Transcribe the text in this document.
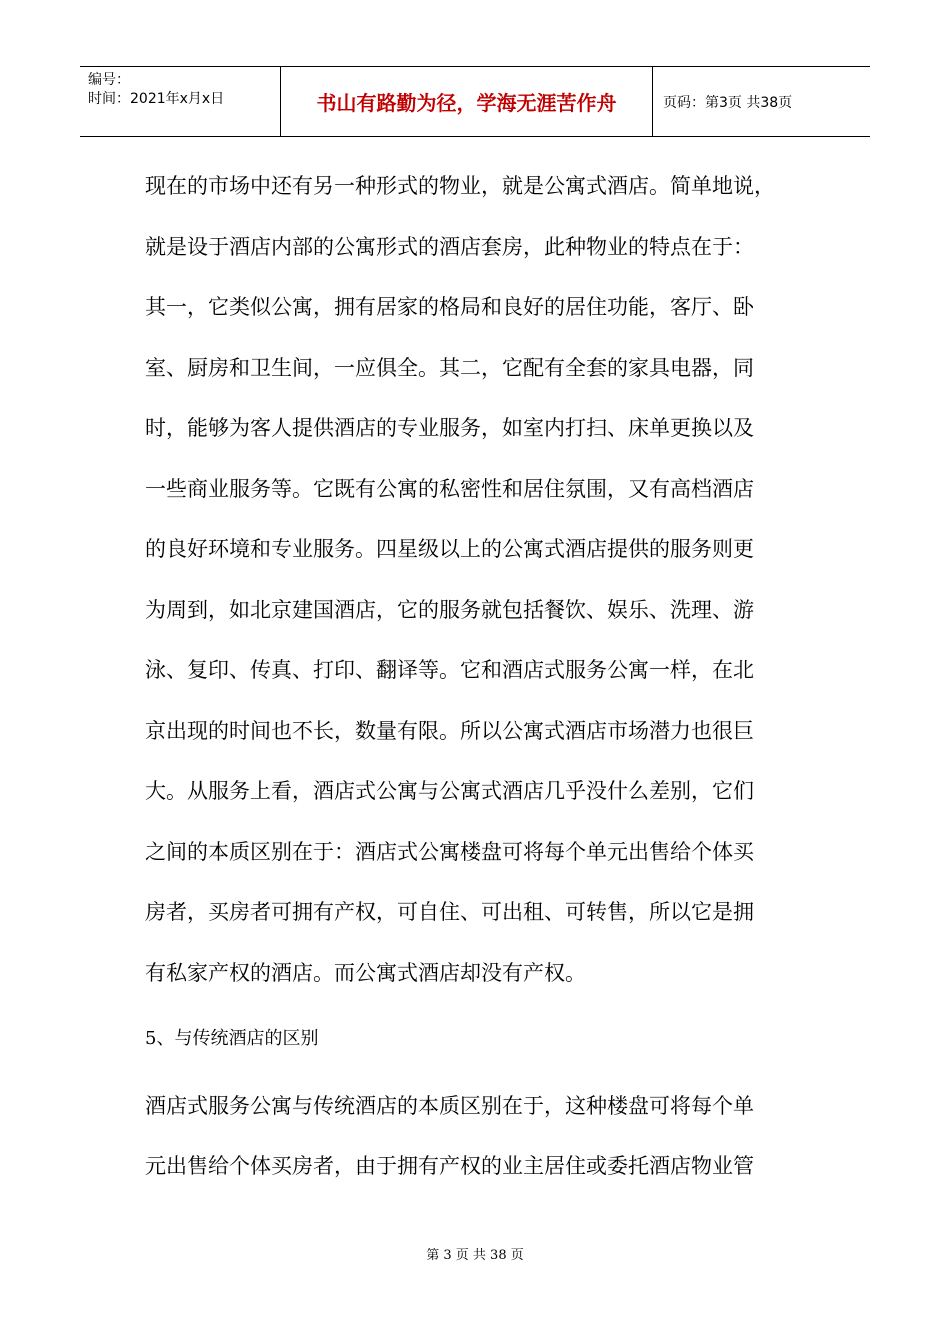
编号：
时间：2021年x月x日	书山有路勤为径，学海无涯苦作舟	页码：第3页 共38页
现在的市场中还有另一种形式的物业，就是公寓式酒店。简单地说，
就是设于酒店内部的公寓形式的酒店套房，此种物业的特点在于：
其一，它类似公寓，拥有居家的格局和良好的居住功能，客厅、卧
室、厨房和卫生间，一应俱全。其二，它配有全套的家具电器，同
时，能够为客人提供酒店的专业服务，如室内打扫、床单更换以及
一些商业服务等。它既有公寓的私密性和居住氛围，又有高档酒店
的良好环境和专业服务。四星级以上的公寓式酒店提供的服务则更
为周到，如北京建国酒店，它的服务就包括餐饮、娱乐、洗理、游
泳、复印、传真、打印、翻译等。它和酒店式服务公寓一样，在北
京出现的时间也不长，数量有限。所以公寓式酒店市场潜力也很巨
大。从服务上看，酒店式公寓与公寓式酒店几乎没什么差别，它们
之间的本质区别在于：酒店式公寓楼盘可将每个单元出售给个体买
房者，买房者可拥有产权，可自住、可出租、可转售，所以它是拥
有私家产权的酒店。而公寓式酒店却没有产权。
5、与传统酒店的区别
酒店式服务公寓与传统酒店的本质区别在于，这种楼盘可将每个单
元出售给个体买房者，由于拥有产权的业主居住或委托酒店物业管
第 3 页 共 38 页
